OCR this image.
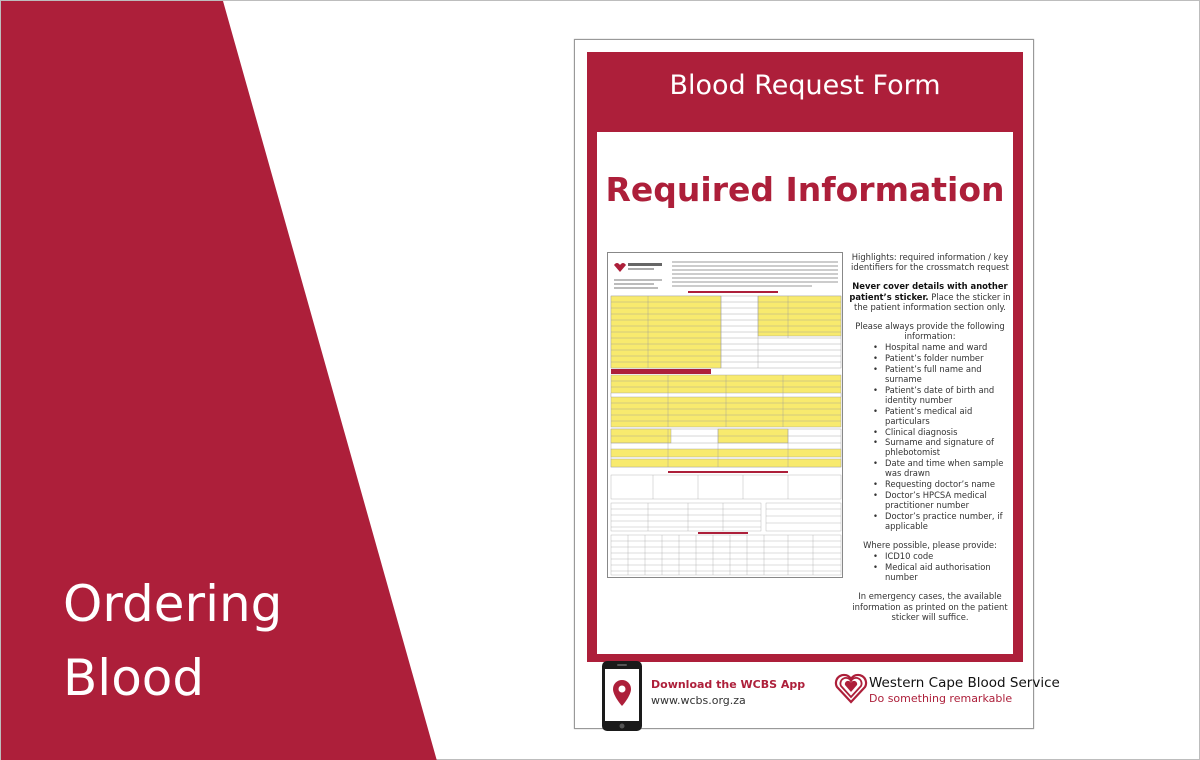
Ordering
Blood
Blood Request Form
Required Information

Highlights: required information / key identifiers for the crossmatch request

Never cover details with another patient’s sticker. Place the sticker in the patient information section only.

Please always provide the following information:

• Hospital name and ward
• Patient’s folder number
• Patient’s full name and surname
• Patient’s date of birth and identity number
• Patient’s medical aid particulars
• Clinical diagnosis
• Surname and signature of phlebotomist
• Date and time when sample was drawn
• Requesting doctor’s name
• Doctor’s HPCSA medical practitioner number
• Doctor’s practice number, if applicable

Where possible, please provide:

• ICD10 code
• Medical aid authorisation number

In emergency cases, the available information as printed on the patient sticker will suffice.

Download the WCBS App
www.wcbs.org.za
Western Cape Blood Service
Do something remarkable
